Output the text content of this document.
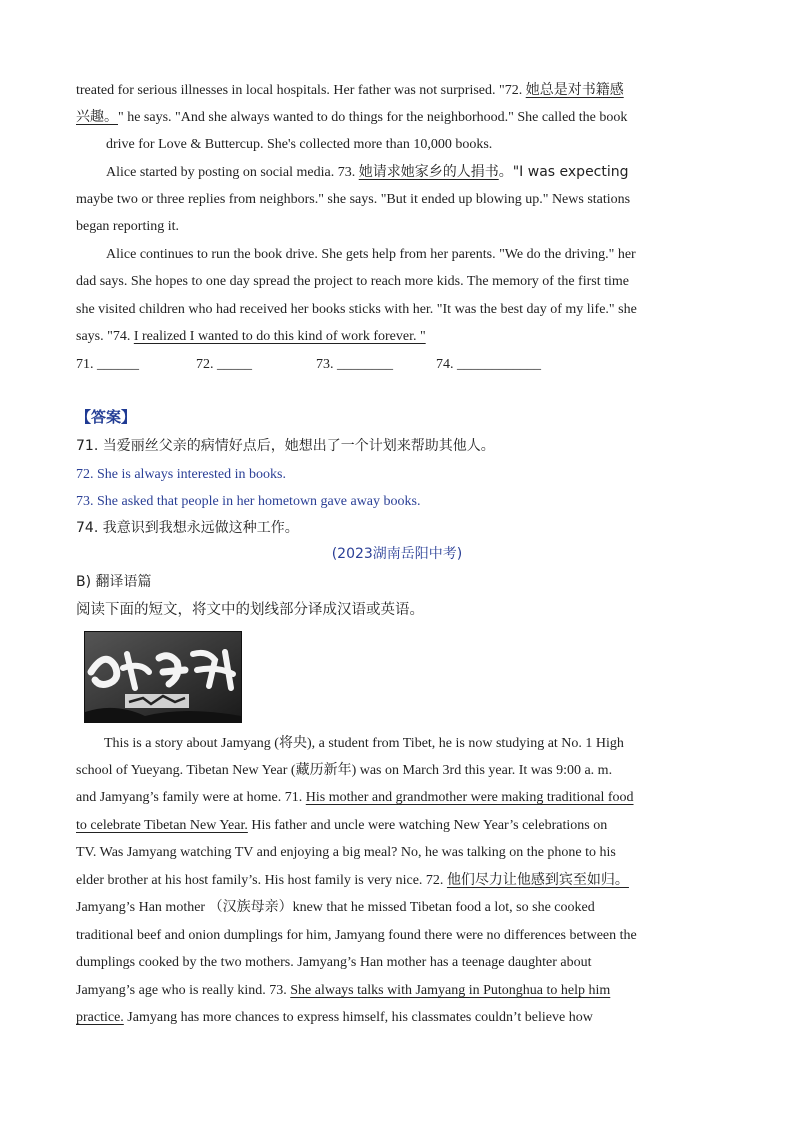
treated for serious illnesses in local hospitals. Her father was not surprised. "72. 她总是对书籍感

兴趣。" he says. "And she always wanted to do things for the neighborhood." She called the book

drive for Love & Buttercup. She's collected more than 10,000 books.

Alice started by posting on social media. 73. 她请求她家乡的人捐书。"I was expecting

maybe two or three replies from neighbors." she says. "But it ended up blowing up." News stations

began reporting it.

Alice continues to run the book drive. She gets help from her parents. "We do the driving." her

dad says. She hopes to one day spread the project to reach more kids. The memory of the first time

she visited children who had received her books sticks with her. "It was the best day of my life." she

says. "74. I realized I wanted to do this kind of work forever. "

71. ______	72. _____	73. ________	74. ____________
【答案】
71. 当爱丽丝父亲的病情好点后，她想出了一个计划来帮助其他人。
72. She is always interested in books.
73. She asked that people in her hometown gave away books.
74. 我意识到我想永远做这种工作。
(2023湖南岳阳中考)
B) 翻译语篇
阅读下面的短文，将文中的划线部分译成汉语或英语。

This is a story about Jamyang (将央), a student from Tibet, he is now studying at No. 1 High

school of Yueyang. Tibetan New Year (藏历新年) was on March 3rd this year. It was 9:00 a. m.

and Jamyang’s family were at home. 71. His mother and grandmother were making traditional food

to celebrate Tibetan New Year. His father and uncle were watching New Year’s celebrations on

TV. Was Jamyang watching TV and enjoying a big meal? No, he was talking on the phone to his

elder brother at his host family’s. His host family is very nice. 72. 他们尽力让他感到宾至如归。

Jamyang’s Han mother （汉族母亲）knew that he missed Tibetan food a lot, so she cooked

traditional beef and onion dumplings for him, Jamyang found there were no differences between the

dumplings cooked by the two mothers. Jamyang’s Han mother has a teenage daughter about

Jamyang’s age who is really kind. 73. She always talks with Jamyang in Putonghua to help him

practice. Jamyang has more chances to express himself, his classmates couldn’t believe how
